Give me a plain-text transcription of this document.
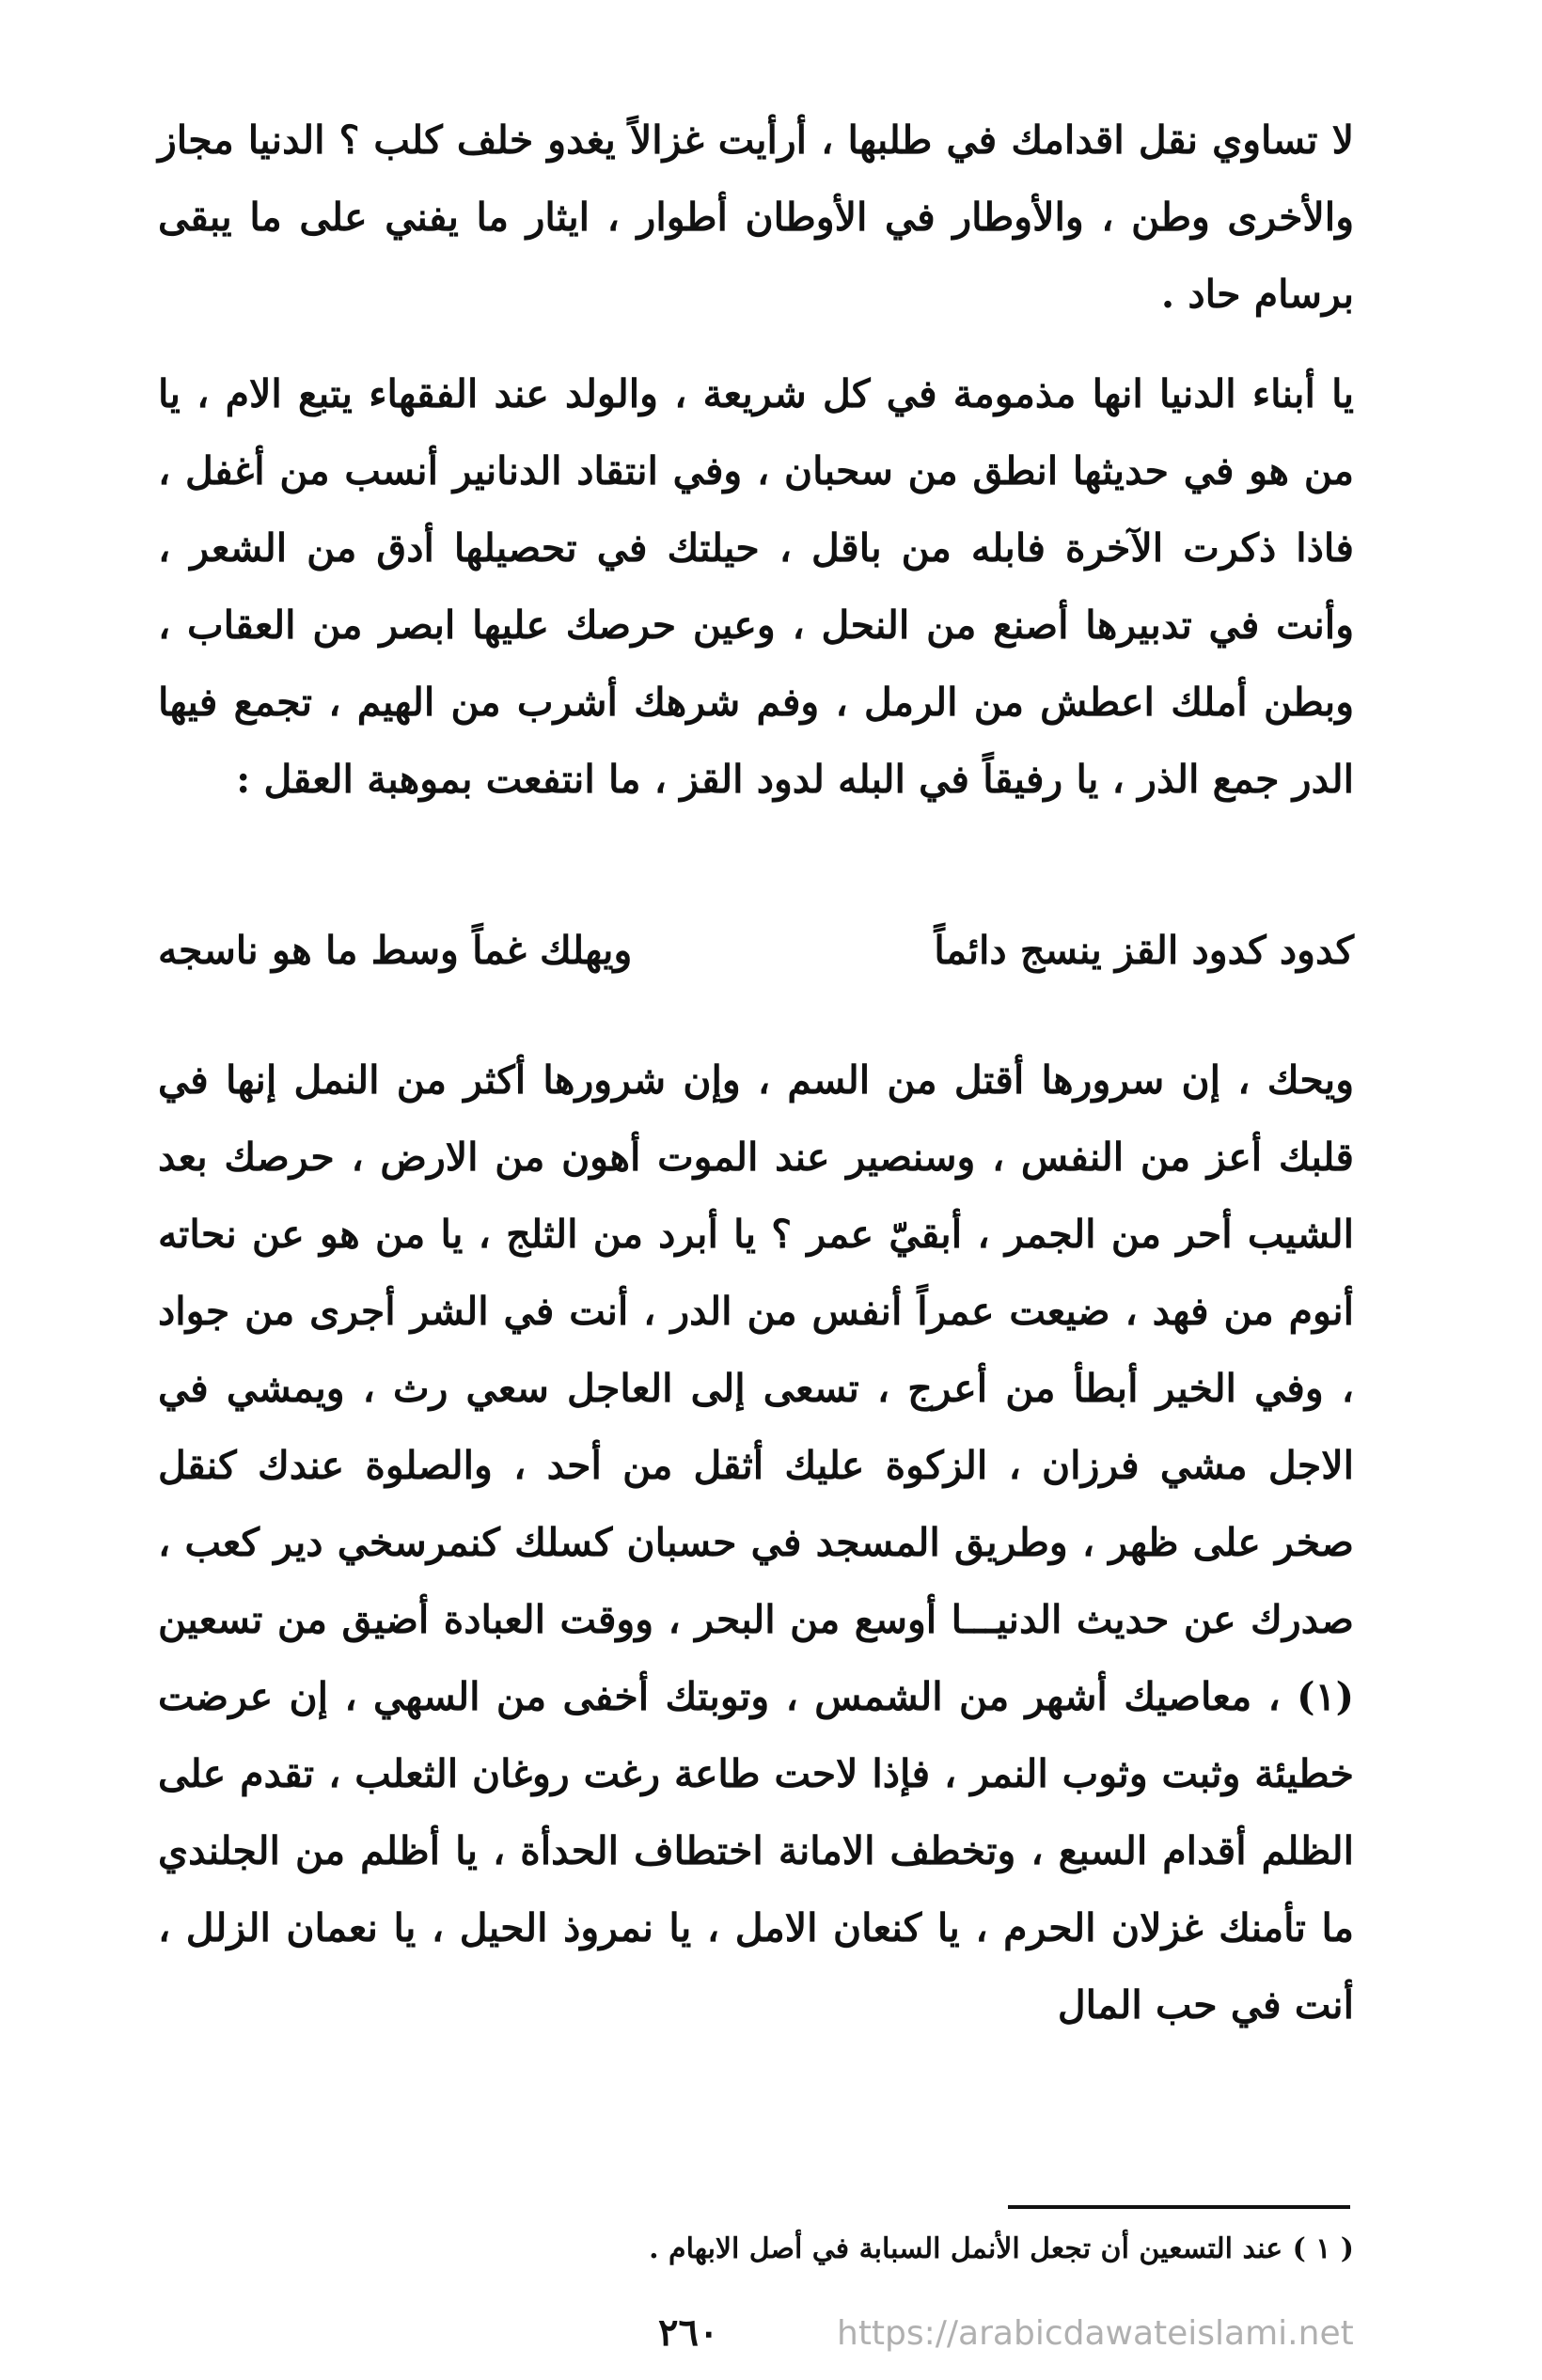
لا تساوي نقل اقدامك في طلبها ، أرأيت غزالاً يغدو خلف كلب ؟ الدنيا مجاز والأخرى وطن ، والأوطار في الأوطان أطوار ، ايثار ما يفني على ما يبقى برسام حاد .

يا أبناء الدنيا انها مذمومة في كل شريعة ، والولد عند الفقهاء يتبع الام ، يا من هو في حديثها انطق من سحبان ، وفي انتقاد الدنانير أنسب من أغفل ، فاذا ذكرت الآخرة فابله من باقل ، حيلتك في تحصيلها أدق من الشعر ، وأنت في تدبيرها أصنع من النحل ، وعين حرصك عليها ابصر من العقاب ، وبطن أملك اعطش من الرمل ، وفم شرهك أشرب من الهيم ، تجمع فيها الدر جمع الذر ، يا رفيقاً في البله لدود القز ، ما انتفعت بموهبة العقل :

كدود كدود القز ينسج دائماً
ويهلك غماً وسط ما هو ناسجه

ويحك ، إن سرورها أقتل من السم ، وإن شرورها أكثر من النمل إنها في قلبك أعز من النفس ، وسنصير عند الموت أهون من الارض ، حرصك بعد الشيب أحر من الجمر ، أبقيّ عمر ؟ يا أبرد من الثلج ، يا من هو عن نحاته أنوم من فهد ، ضيعت عمراً أنفس من الدر ، أنت في الشر أجرى من جواد ، وفي الخير أبطأ من أعرج ، تسعى إلى العاجل سعي رث ، ويمشي في الاجل مشي فرزان ، الزكوة عليك أثقل من أحد ، والصلوة عندك كنقل صخر على ظهر ، وطريق المسجد في حسبان كسلك كنمرسخي دير كعب ، صدرك عن حديث الدنيـــا أوسع من البحر ، ووقت العبادة أضيق من تسعين (١) ، معاصيك أشهر من الشمس ، وتوبتك أخفى من السهي ، إن عرضت خطيئة وثبت وثوب النمر ، فإذا لاحت طاعة رغت روغان الثعلب ، تقدم على الظلم أقدام السبع ، وتخطف الامانة اختطاف الحدأة ، يا أظلم من الجلندي ما تأمنك غزلان الحرم ، يا كنعان الامل ، يا نمروذ الحيل ، يا نعمان الزلل ، أنت في حب المال

( ١ ) عند التسعين أن تجعل الأنمل السبابة في أصل الابهام .
٢٦٠	https://arabicdawateislami.net
